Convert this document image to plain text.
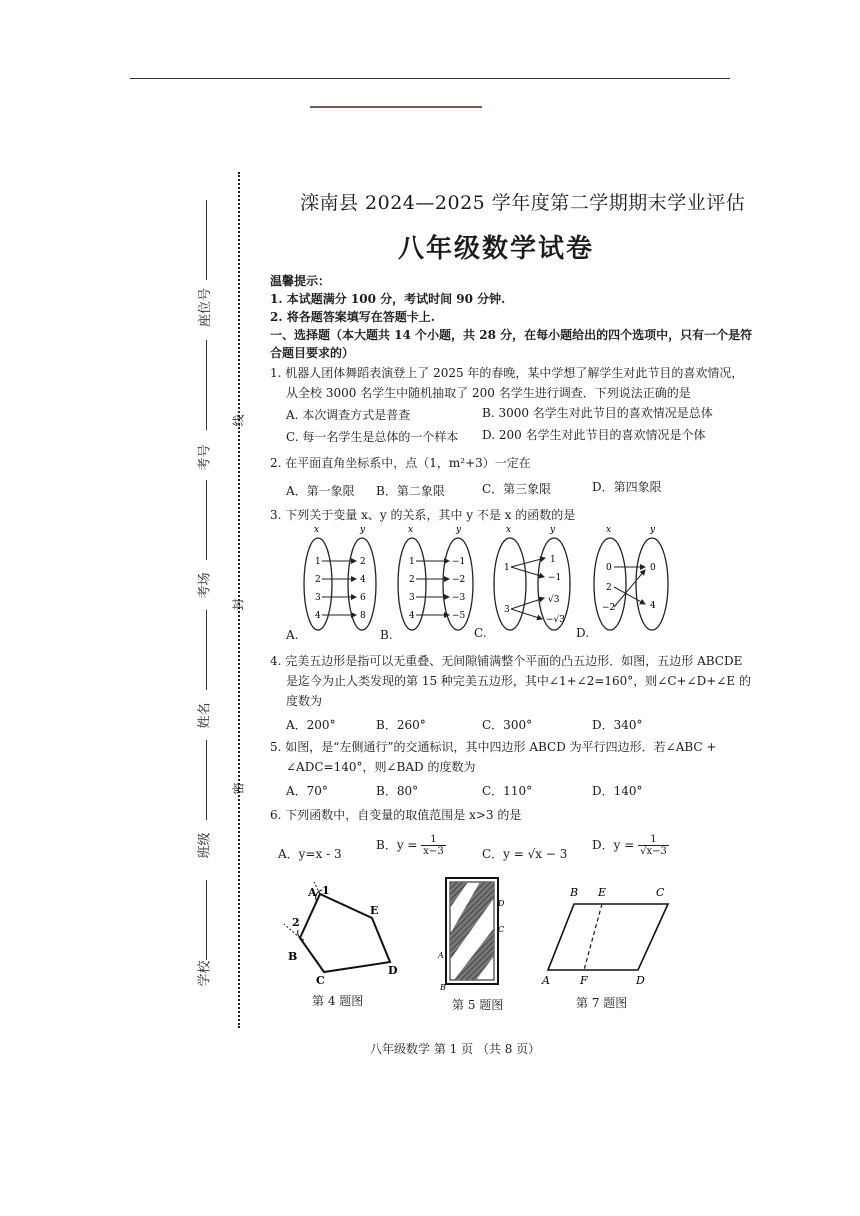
座位号
考号
考场
姓名
班级
学校
线
封
密
滦南县 2024—2025 学年度第二学期期末学业评估
八年级数学试卷
温馨提示：
1. 本试题满分 100 分，考试时间 90 分钟.
2. 将各题答案填写在答题卡上.
一、选择题（本大题共 14 个小题，共 28 分，在每小题给出的四个选项中，只有一个是符
合题目要求的）
1. 机器人团体舞蹈表演登上了 2025 年的春晚，某中学想了解学生对此节目的喜欢情况，
从全校 3000 名学生中随机抽取了 200 名学生进行调查．下列说法正确的是
A. 本次调查方式是普查	B. 3000 名学生对此节目的喜欢情况是总体
C. 每一名学生是总体的一个样本 D. 200 名学生对此节目的喜欢情况是个体
2. 在平面直角坐标系中，点（1，m²+3）一定在
A．第一象限 B．第二象限	C．第三象限	D．第四象限
3. 下列关于变量 x、y 的关系，其中 y 不是 x 的函数的是
x	y
1
2
3
4
2
4
6
8
x	y
1
2
3
4
−1
−2
−3
−5
x	y
1
3
1
−1
√3
−√3
x	y
0
2
−2
0
4
A.	B.	C.	D.
4. 完美五边形是指可以无重叠、无间隙铺满整个平面的凸五边形．如图，五边形 ABCDE
是迄今为止人类发现的第 15 种完美五边形，其中∠1+∠2=160°，则∠C+∠D+∠E 的
度数为
A．200°	B．260°	C．300°	D．340°
5. 如图，是“左侧通行”的交通标识，其中四边形 ABCD 为平行四边形．若∠ABC +
∠ADC=140°，则∠BAD 的度数为
A．70°	B．80°	C．110°	D．140°
6. 下列函数中，自变量的取值范围是 x>3 的是
A．y=x - 3
B．$y = \frac{1}{x-3}$	C．y = √x − 3
D．$y = \frac{1}{√x-3}$
A 1
2
B
C
D
E
第 4 题图
D
C
A
B
第 5 题图
B E	C
A	F	D
第 7 题图
八年级数学 第 1 页 （共 8 页）
